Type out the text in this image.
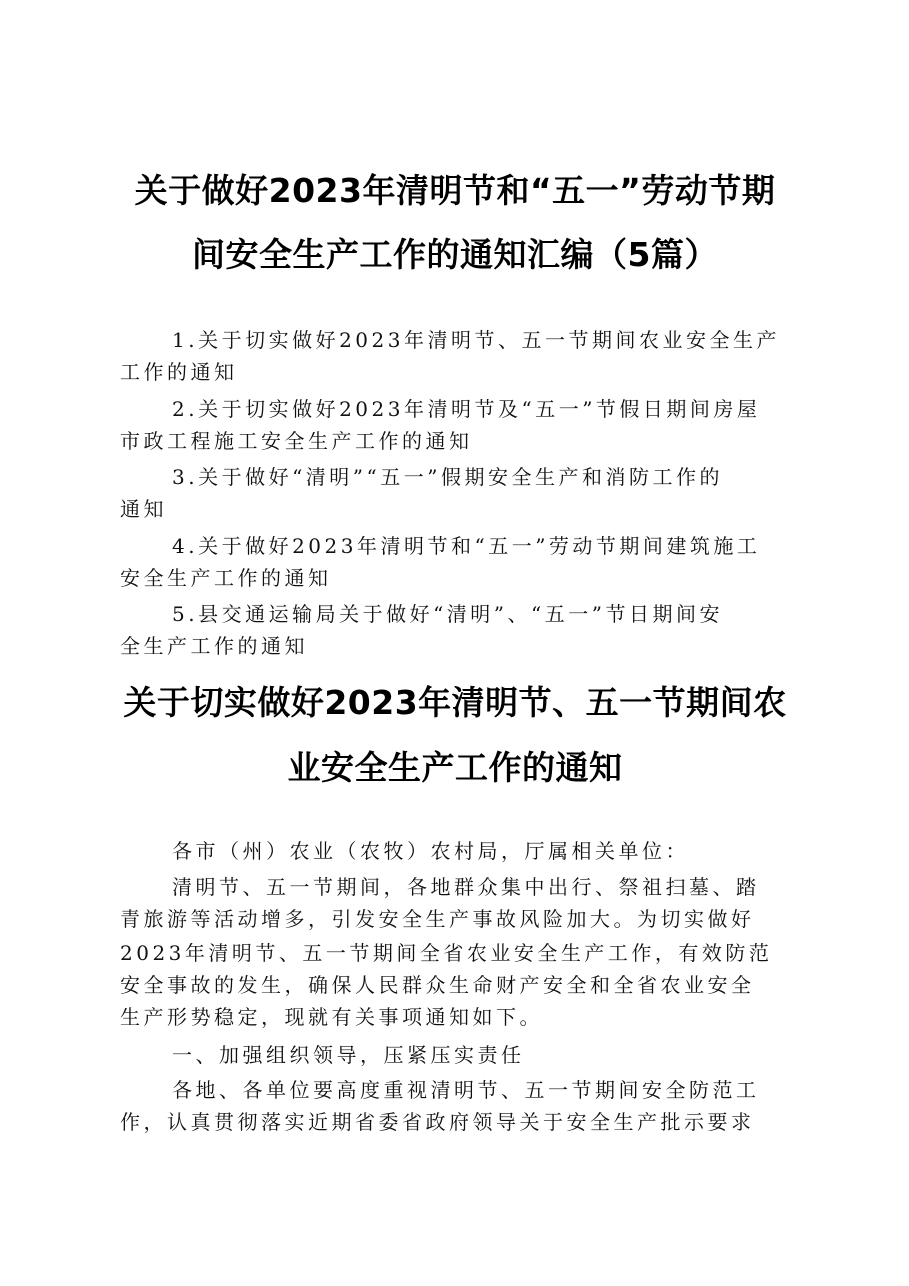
关于做好2023年清明节和“五一”劳动节期
间安全生产工作的通知汇编（5篇）
1.关于切实做好2023年清明节、五一节期间农业安全生产
工作的通知
2.关于切实做好2023年清明节及“五一”节假日期间房屋
市政工程施工安全生产工作的通知
3.关于做好“清明”“五一”假期安全生产和消防工作的
通知
4.关于做好2023年清明节和“五一”劳动节期间建筑施工
安全生产工作的通知
5.县交通运输局关于做好“清明”、“五一”节日期间安
全生产工作的通知
关于切实做好2023年清明节、五一节期间农
业安全生产工作的通知
各市（州）农业（农牧）农村局，厅属相关单位：
清明节、五一节期间，各地群众集中出行、祭祖扫墓、踏
青旅游等活动增多，引发安全生产事故风险加大。为切实做好
2023年清明节、五一节期间全省农业安全生产工作，有效防范
安全事故的发生，确保人民群众生命财产安全和全省农业安全
生产形势稳定，现就有关事项通知如下。
一、加强组织领导，压紧压实责任
各地、各单位要高度重视清明节、五一节期间安全防范工
作，认真贯彻落实近期省委省政府领导关于安全生产批示要求
